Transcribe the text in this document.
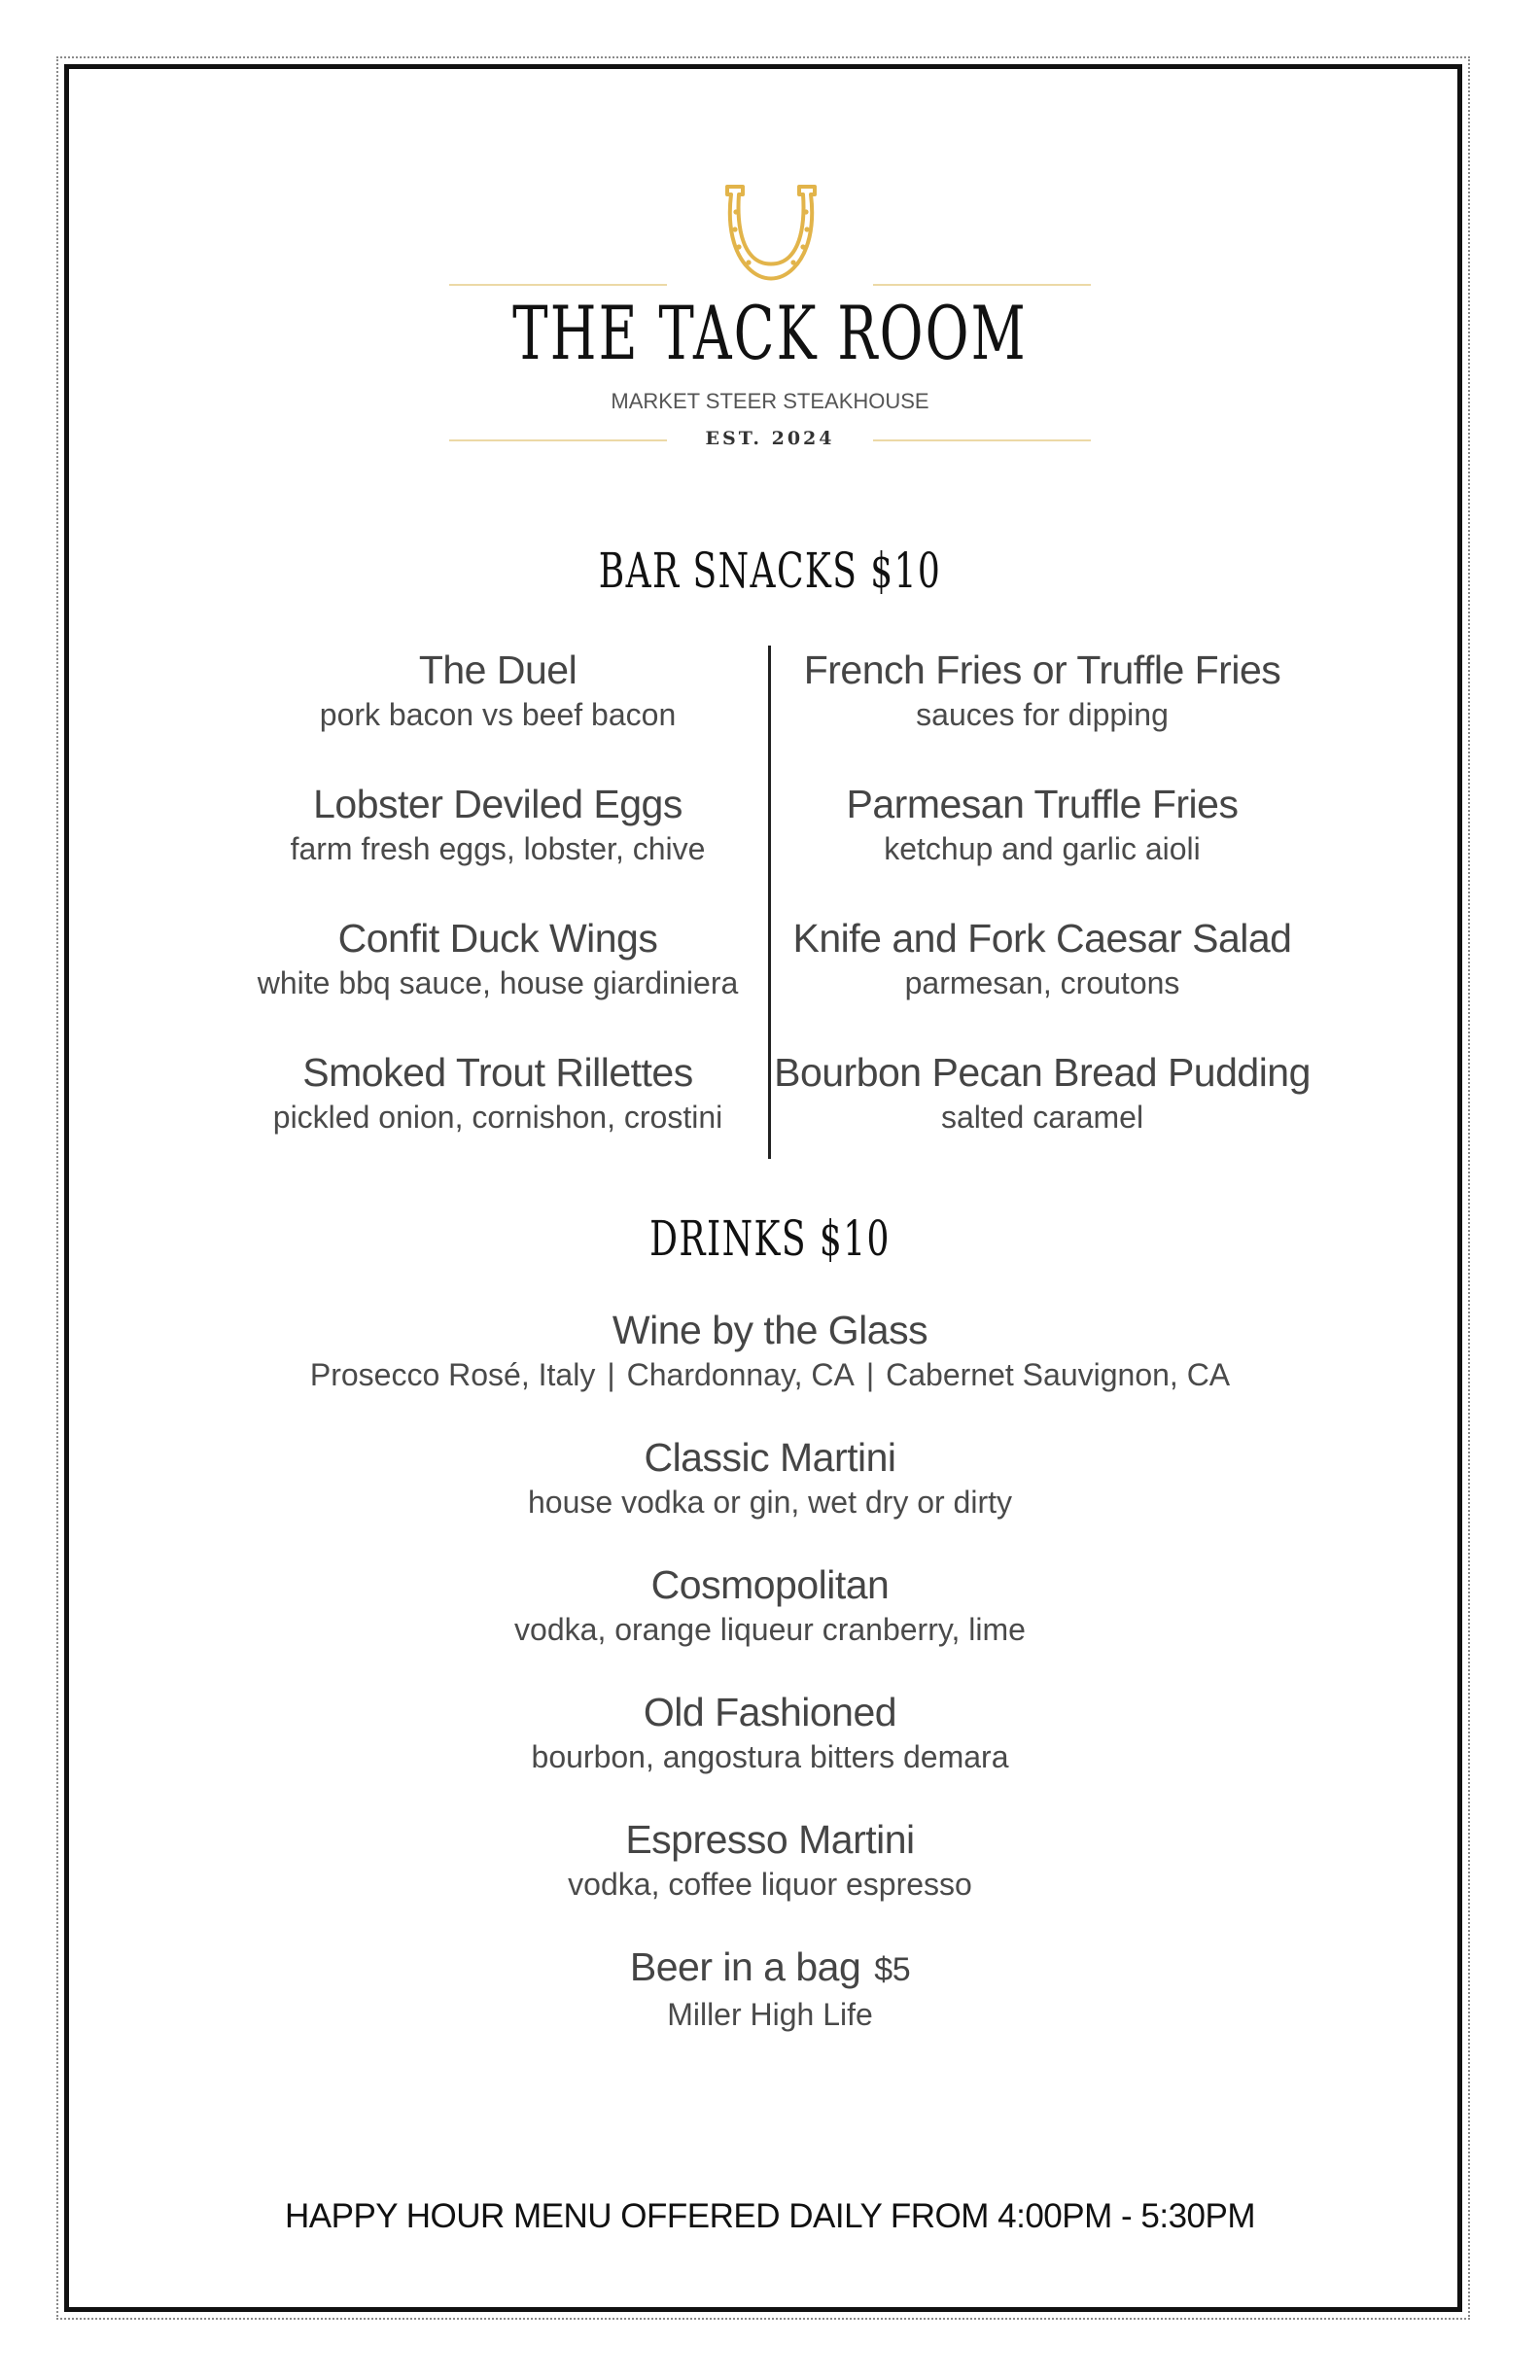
THE TACK ROOM
MARKET STEER STEAKHOUSE
EST. 2024
BAR SNACKS $10
The Duel
pork bacon vs beef bacon
Lobster Deviled Eggs
farm fresh eggs, lobster, chive
Confit Duck Wings
white bbq sauce, house giardiniera
Smoked Trout Rillettes
pickled onion, cornishon, crostini
French Fries or Truffle Fries
sauces for dipping
Parmesan Truffle Fries
ketchup and garlic aioli
Knife and Fork Caesar Salad
parmesan, croutons
Bourbon Pecan Bread Pudding
salted caramel
DRINKS $10
Wine by the Glass
Prosecco Rosé, Italy | Chardonnay, CA | Cabernet Sauvignon, CA
Classic Martini
house vodka or gin, wet dry or dirty
Cosmopolitan
vodka, orange liqueur cranberry, lime
Old Fashioned
bourbon, angostura bitters demara
Espresso Martini
vodka, coffee liquor espresso
Beer in a bag $5
Miller High Life
HAPPY HOUR MENU OFFERED DAILY FROM 4:00PM - 5:30PM
